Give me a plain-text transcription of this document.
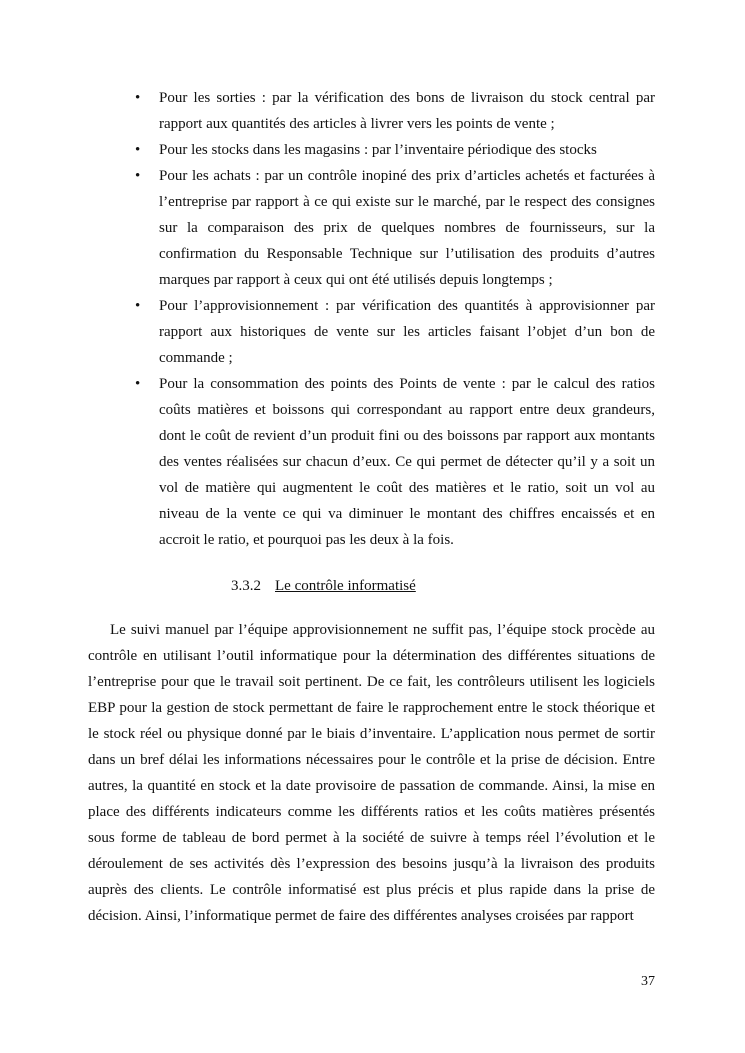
• Pour les sorties : par la vérification des bons de livraison du stock central par rapport aux quantités des articles à livrer vers les points de vente ;
• Pour les stocks dans les magasins : par l’inventaire périodique des stocks
• Pour les achats : par un contrôle inopiné des prix d’articles achetés et facturées à l’entreprise par rapport à ce qui existe sur le marché, par le respect des consignes sur la comparaison des prix de quelques nombres de fournisseurs, sur la confirmation du Responsable Technique sur l’utilisation des produits d’autres marques par rapport à ceux qui ont été utilisés depuis longtemps ;
• Pour l’approvisionnement : par vérification des quantités à approvisionner par rapport aux historiques de vente sur les articles faisant l’objet d’un bon de commande ;
• Pour la consommation des points des Points de vente : par le calcul des ratios coûts matières et boissons qui correspondant au rapport entre deux grandeurs, dont le coût de revient d’un produit fini ou des boissons par rapport aux montants des ventes réalisées sur chacun d’eux. Ce qui permet de détecter qu’il y a soit un vol de matière qui augmentent le coût des matières et le ratio, soit un vol au niveau de la vente ce qui va diminuer le montant des chiffres encaissés et en accroit le ratio, et pourquoi pas les deux à la fois.
3.3.2 Le contrôle informatisé

Le suivi manuel par l’équipe approvisionnement ne suffit pas, l’équipe stock procède au contrôle en utilisant l’outil informatique pour la détermination des différentes situations de l’entreprise pour que le travail soit pertinent. De ce fait, les contrôleurs utilisent les logiciels EBP pour la gestion de stock permettant de faire le rapprochement entre le stock théorique et le stock réel ou physique donné par le biais d’inventaire. L’application nous permet de sortir dans un bref délai les informations nécessaires pour le contrôle et la prise de décision. Entre autres, la quantité en stock et la date provisoire de passation de commande. Ainsi, la mise en place des différents indicateurs comme les différents ratios et les coûts matières présentés sous forme de tableau de bord permet à la société de suivre à temps réel l’évolution et le déroulement de ses activités dès l’expression des besoins jusqu’à la livraison des produits auprès des clients. Le contrôle informatisé est plus précis et plus rapide dans la prise de décision. Ainsi, l’informatique permet de faire des différentes analyses croisées par rapport

37
